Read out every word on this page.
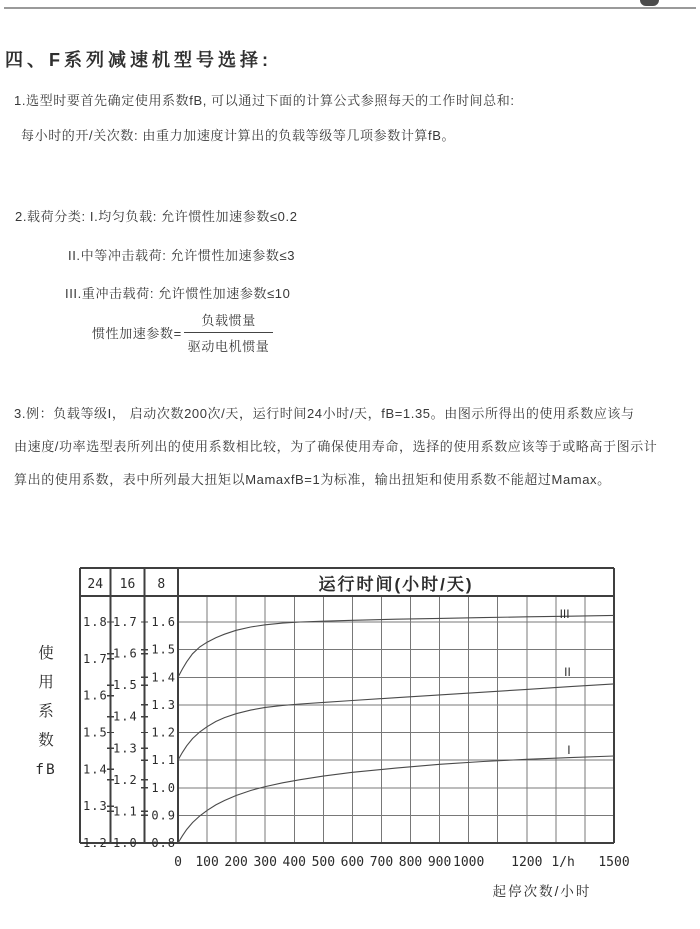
1.8
1.7
1.6
1.5
1.4
1.3
1.2
1.7
1.6
1.5
1.4
1.3
1.2
1.1
1.0
1.6
1.5
1.4
1.3
1.2
1.1
1.0
0.9
0.8
24 16 8	运行时间(小时/天)
III
II
I
0 100 200 300 400 500 600 700 800 900 1000 1200 1/h 1500
起停次数/小时
使
用
系
数
fB
四、F系列减速机型号选择:
1.选型时要首先确定使用系数fB, 可以通过下面的计算公式参照每天的工作时间总和:
每小时的开/关次数: 由重力加速度计算出的负载等级等几项参数计算fB。
2.载荷分类: I.均匀负载: 允许惯性加速参数≤0.2
II.中等冲击载荷: 允许惯性加速参数≤3
III.重冲击载荷: 允许惯性加速参数≤10
惯性加速参数= $\frac{\text{负载惯量}}{\text{驱动电机惯量}}$
3.例：负载等级I， 启动次数200次/天，运行时间24小时/天，fB=1.35。由图示所得出的使用系数应该与
由速度/功率选型表所列出的使用系数相比较，为了确保使用寿命，选择的使用系数应该等于或略高于图示计
算出的使用系数，表中所列最大扭矩以MamaxfB=1为标准，输出扭矩和使用系数不能超过Mamax。
